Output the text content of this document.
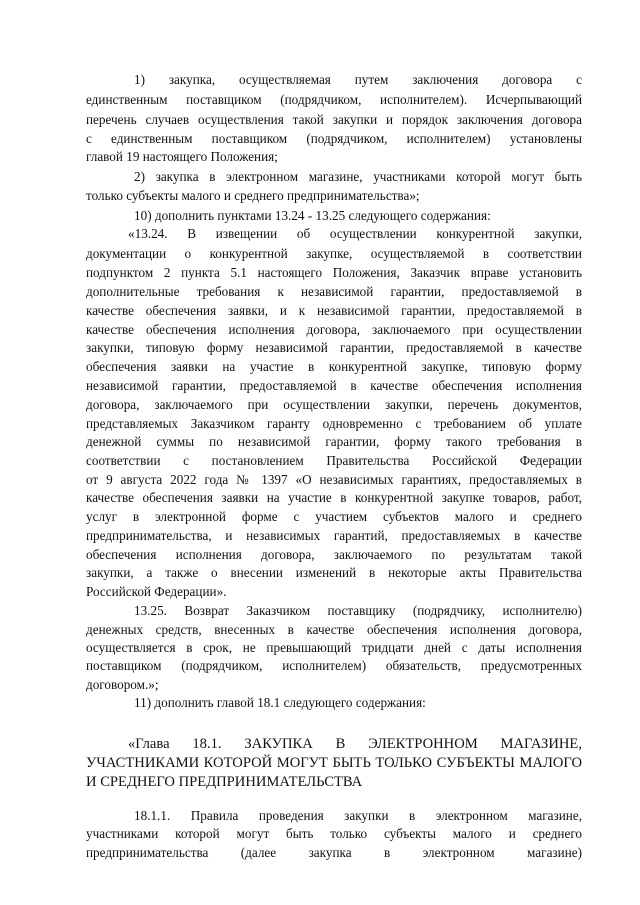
1) закупка, осуществляемая путем заключения договора с
единственным поставщиком (подрядчиком, исполнителем). Исчерпывающий
перечень случаев осуществления такой закупки и порядок заключения договора
с единственным поставщиком (подрядчиком, исполнителем) установлены
главой 19 настоящего Положения;
2) закупка в электронном магазине, участниками которой могут быть
только субъекты малого и среднего предпринимательства»;
10) дополнить пунктами 13.24 - 13.25 следующего содержания:
«13.24. В извещении об осуществлении конкурентной закупки,
документации о конкурентной закупке, осуществляемой в соответствии
подпунктом 2 пункта 5.1 настоящего Положения, Заказчик вправе установить
дополнительные требования к независимой гарантии, предоставляемой в
качестве обеспечения заявки, и к независимой гарантии, предоставляемой в
качестве обеспечения исполнения договора, заключаемого при осуществлении
закупки, типовую форму независимой гарантии, предоставляемой в качестве
обеспечения заявки на участие в конкурентной закупке, типовую форму
независимой гарантии, предоставляемой в качестве обеспечения исполнения
договора, заключаемого при осуществлении закупки, перечень документов,
представляемых Заказчиком гаранту одновременно с требованием об уплате
денежной суммы по независимой гарантии, форму такого требования в
соответствии с постановлением Правительства Российской Федерации
от 9 августа 2022 года № 1397 «О независимых гарантиях, предоставляемых в
качестве обеспечения заявки на участие в конкурентной закупке товаров, работ,
услуг в электронной форме с участием субъектов малого и среднего
предпринимательства, и независимых гарантий, предоставляемых в качестве
обеспечения исполнения договора, заключаемого по результатам такой
закупки, а также о внесении изменений в некоторые акты Правительства
Российской Федерации».
13.25. Возврат Заказчиком поставщику (подрядчику, исполнителю)
денежных средств, внесенных в качестве обеспечения исполнения договора,
осуществляется в срок, не превышающий тридцати дней с даты исполнения
поставщиком (подрядчиком, исполнителем) обязательств, предусмотренных
договором.»;
11) дополнить главой 18.1 следующего содержания:
«Глава 18.1. ЗАКУПКА В ЭЛЕКТРОННОМ МАГАЗИНЕ,
УЧАСТНИКАМИ КОТОРОЙ МОГУТ БЫТЬ ТОЛЬКО СУБЪЕКТЫ МАЛОГО
И СРЕДНЕГО ПРЕДПРИНИМАТЕЛЬСТВА
18.1.1. Правила проведения закупки в электронном магазине,
участниками которой могут быть только субъекты малого и среднего
предпринимательства (далее закупка в электронном магазине)
